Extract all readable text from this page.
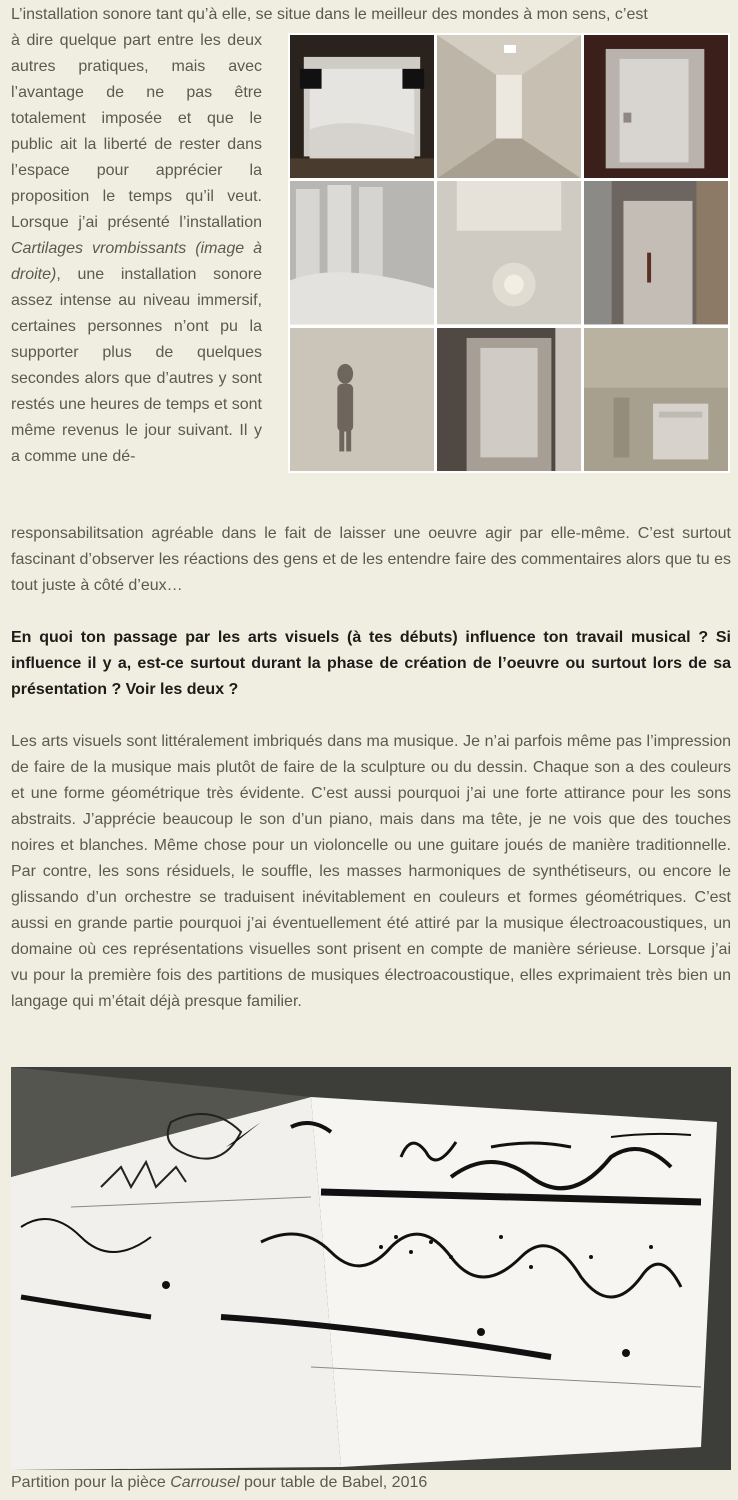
L’installation sonore tant qu’à elle, se situe dans le meilleur des mondes à mon sens, c’est

à dire quelque part entre les deux autres pratiques, mais avec l’avantage de ne pas être totalement imposée et que le public ait la liberté de rester dans l’espace pour apprécier la proposition le temps qu’il veut. Lorsque j’ai présenté l’installation Cartilages vrombissants (image à droite), une installation sonore assez intense au niveau immersif, certaines personnes n’ont pu la supporter plus de quelques secondes alors que d’autres y sont restés une heures de temps et sont même revenus le jour suivant. Il y a comme une dé-

responsabilitsation agréable dans le fait de laisser une oeuvre agir par elle-même. C’est surtout fascinant d’observer les réactions des gens et de les entendre faire des commentaires alors que tu es tout juste à côté d’eux…

En quoi ton passage par les arts visuels (à tes débuts) influence ton travail musical ? Si influence il y a, est-ce surtout durant la phase de création de l’oeuvre ou surtout lors de sa présentation ? Voir les deux ?

Les arts visuels sont littéralement imbriqués dans ma musique. Je n’ai parfois même pas l’impression de faire de la musique mais plutôt de faire de la sculpture ou du dessin. Chaque son a des couleurs et une forme géométrique très évidente. C’est aussi pourquoi j’ai une forte attirance pour les sons abstraits. J’apprécie beaucoup le son d’un piano, mais dans ma tête, je ne vois que des touches noires et blanches. Même chose pour un violoncelle ou une guitare joués de manière traditionnelle. Par contre, les sons résiduels, le souffle, les masses harmoniques de synthétiseurs, ou encore le glissando d’un orchestre se traduisent inévitablement en couleurs et formes géométriques. C’est aussi en grande partie pourquoi j’ai éventuellement été attiré par la musique électroacoustiques, un domaine où ces représentations visuelles sont prisent en compte de manière sérieuse. Lorsque j’ai vu pour la première fois des partitions de musiques électroacoustique, elles exprimaient très bien un langage qui m’était déjà presque familier.

Partition pour la pièce Carrousel pour table de Babel, 2016
